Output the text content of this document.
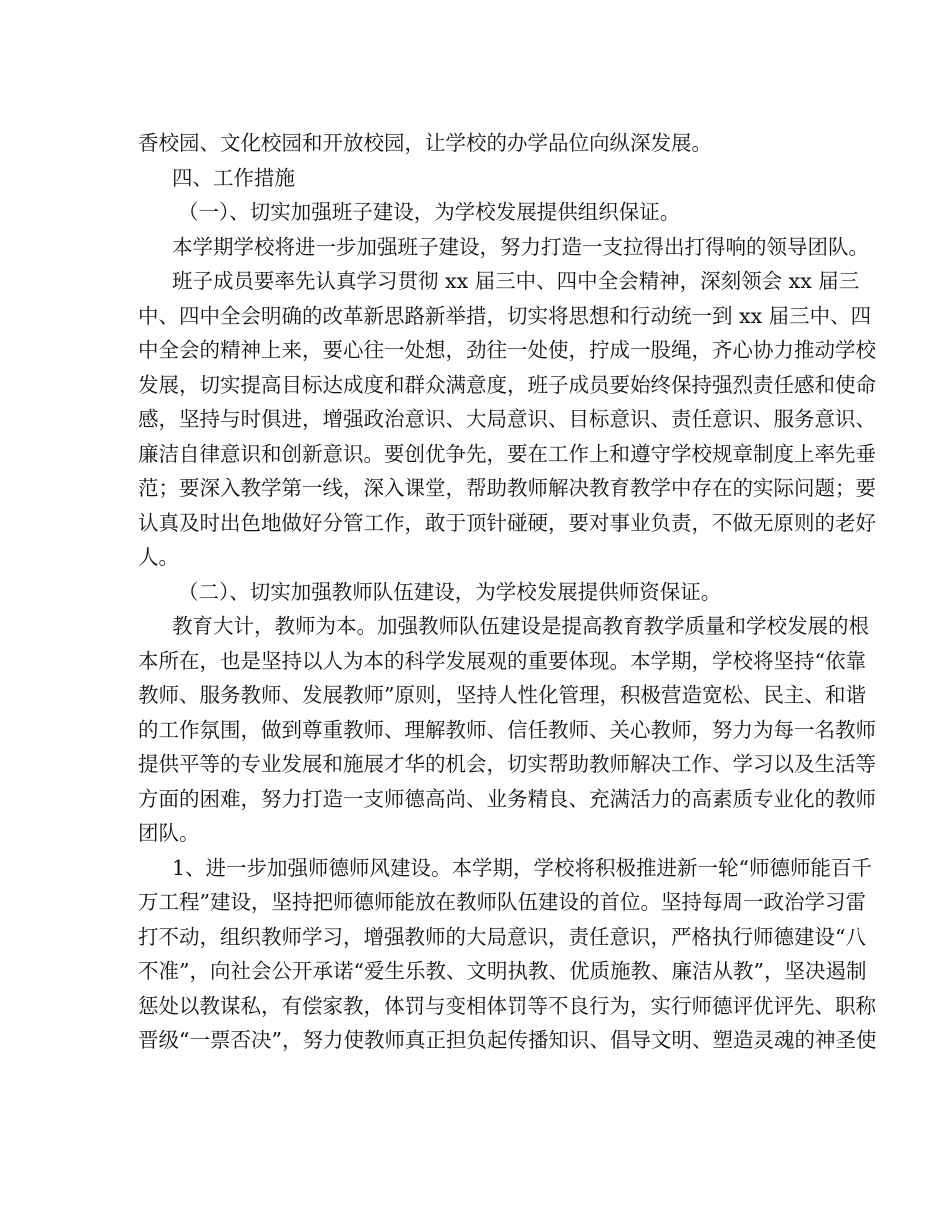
香校园、文化校园和开放校园，让学校的办学品位向纵深发展。
四、工作措施
（一）、切实加强班子建设，为学校发展提供组织保证。
本学期学校将进一步加强班子建设，努力打造一支拉得出打得响的领导团队。
班子成员要率先认真学习贯彻 xx 届三中、四中全会精神，深刻领会 xx 届三
中、四中全会明确的改革新思路新举措，切实将思想和行动统一到 xx 届三中、四
中全会的精神上来，要心往一处想，劲往一处使，拧成一股绳，齐心协力推动学校
发展，切实提高目标达成度和群众满意度，班子成员要始终保持强烈责任感和使命
感，坚持与时俱进，增强政治意识、大局意识、目标意识、责任意识、服务意识、
廉洁自律意识和创新意识。要创优争先，要在工作上和遵守学校规章制度上率先垂
范；要深入教学第一线，深入课堂，帮助教师解决教育教学中存在的实际问题；要
认真及时出色地做好分管工作，敢于顶针碰硬，要对事业负责，不做无原则的老好
人。
（二）、切实加强教师队伍建设，为学校发展提供师资保证。
教育大计，教师为本。加强教师队伍建设是提高教育教学质量和学校发展的根
本所在，也是坚持以人为本的科学发展观的重要体现。本学期，学校将坚持“依靠
教师、服务教师、发展教师”原则，坚持人性化管理，积极营造宽松、民主、和谐
的工作氛围，做到尊重教师、理解教师、信任教师、关心教师，努力为每一名教师
提供平等的专业发展和施展才华的机会，切实帮助教师解决工作、学习以及生活等
方面的困难，努力打造一支师德高尚、业务精良、充满活力的高素质专业化的教师
团队。
1、进一步加强师德师风建设。本学期，学校将积极推进新一轮“师德师能百千
万工程”建设，坚持把师德师能放在教师队伍建设的首位。坚持每周一政治学习雷
打不动，组织教师学习，增强教师的大局意识，责任意识，严格执行师德建设“八
不准”，向社会公开承诺“爱生乐教、文明执教、优质施教、廉洁从教”，坚决遏制
惩处以教谋私，有偿家教，体罚与变相体罚等不良行为，实行师德评优评先、职称
晋级“一票否决”，努力使教师真正担负起传播知识、倡导文明、塑造灵魂的神圣使
